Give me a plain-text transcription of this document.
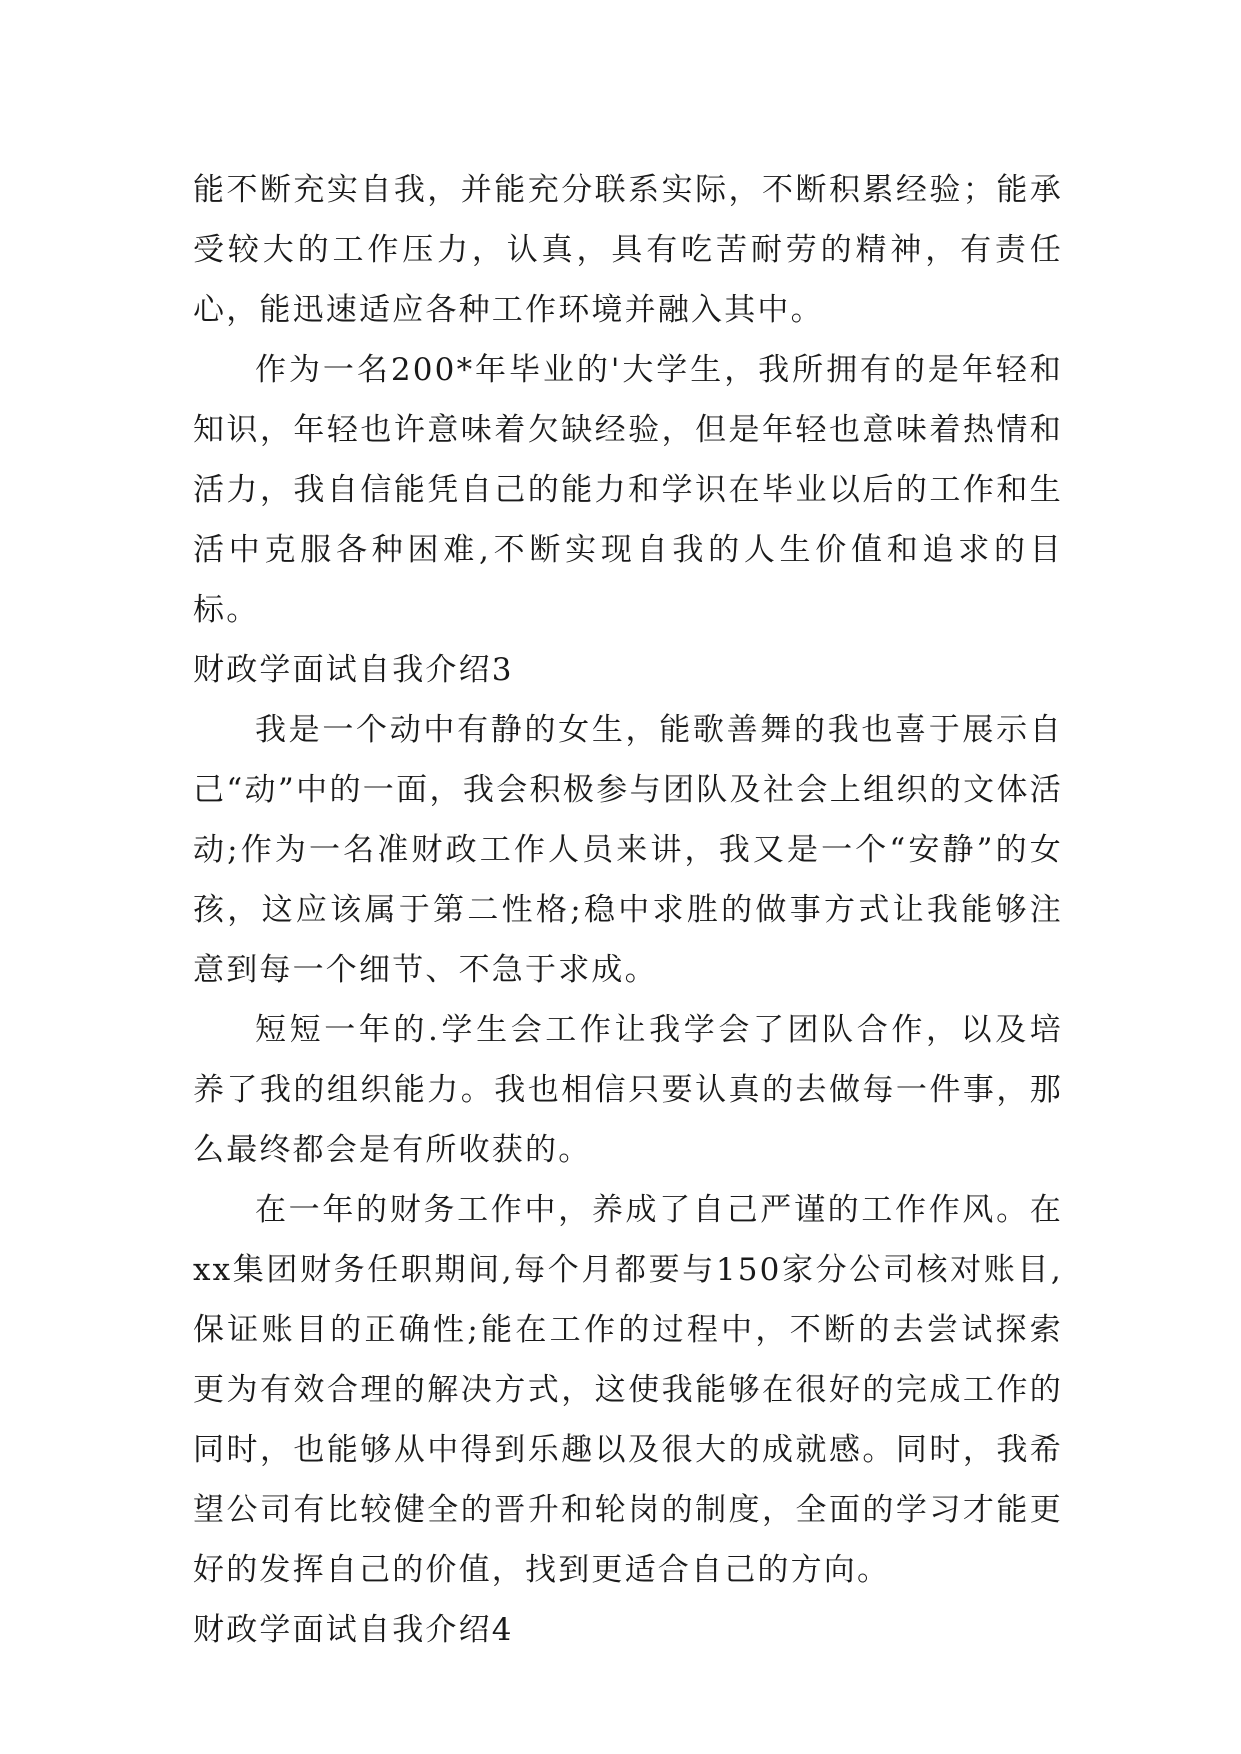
能不断充实自我，并能充分联系实际，不断积累经验；能承受较大的工作压力，认真，具有吃苦耐劳的精神，有责任心，能迅速适应各种工作环境并融入其中。

作为一名200*年毕业的'大学生，我所拥有的是年轻和知识，年轻也许意味着欠缺经验，但是年轻也意味着热情和活力，我自信能凭自己的能力和学识在毕业以后的工作和生活中克服各种困难,不断实现自我的人生价值和追求的目标。

财政学面试自我介绍3

我是一个动中有静的女生，能歌善舞的我也喜于展示自己“动”中的一面，我会积极参与团队及社会上组织的文体活动;作为一名准财政工作人员来讲，我又是一个“安静”的女孩，这应该属于第二性格;稳中求胜的做事方式让我能够注意到每一个细节、不急于求成。

短短一年的.学生会工作让我学会了团队合作，以及培养了我的组织能力。我也相信只要认真的去做每一件事，那么最终都会是有所收获的。

在一年的财务工作中，养成了自己严谨的工作作风。在xx集团财务任职期间,每个月都要与150家分公司核对账目,保证账目的正确性;能在工作的过程中，不断的去尝试探索更为有效合理的解决方式，这使我能够在很好的完成工作的同时，也能够从中得到乐趣以及很大的成就感。同时，我希望公司有比较健全的晋升和轮岗的制度，全面的学习才能更好的发挥自己的价值，找到更适合自己的方向。

财政学面试自我介绍4
